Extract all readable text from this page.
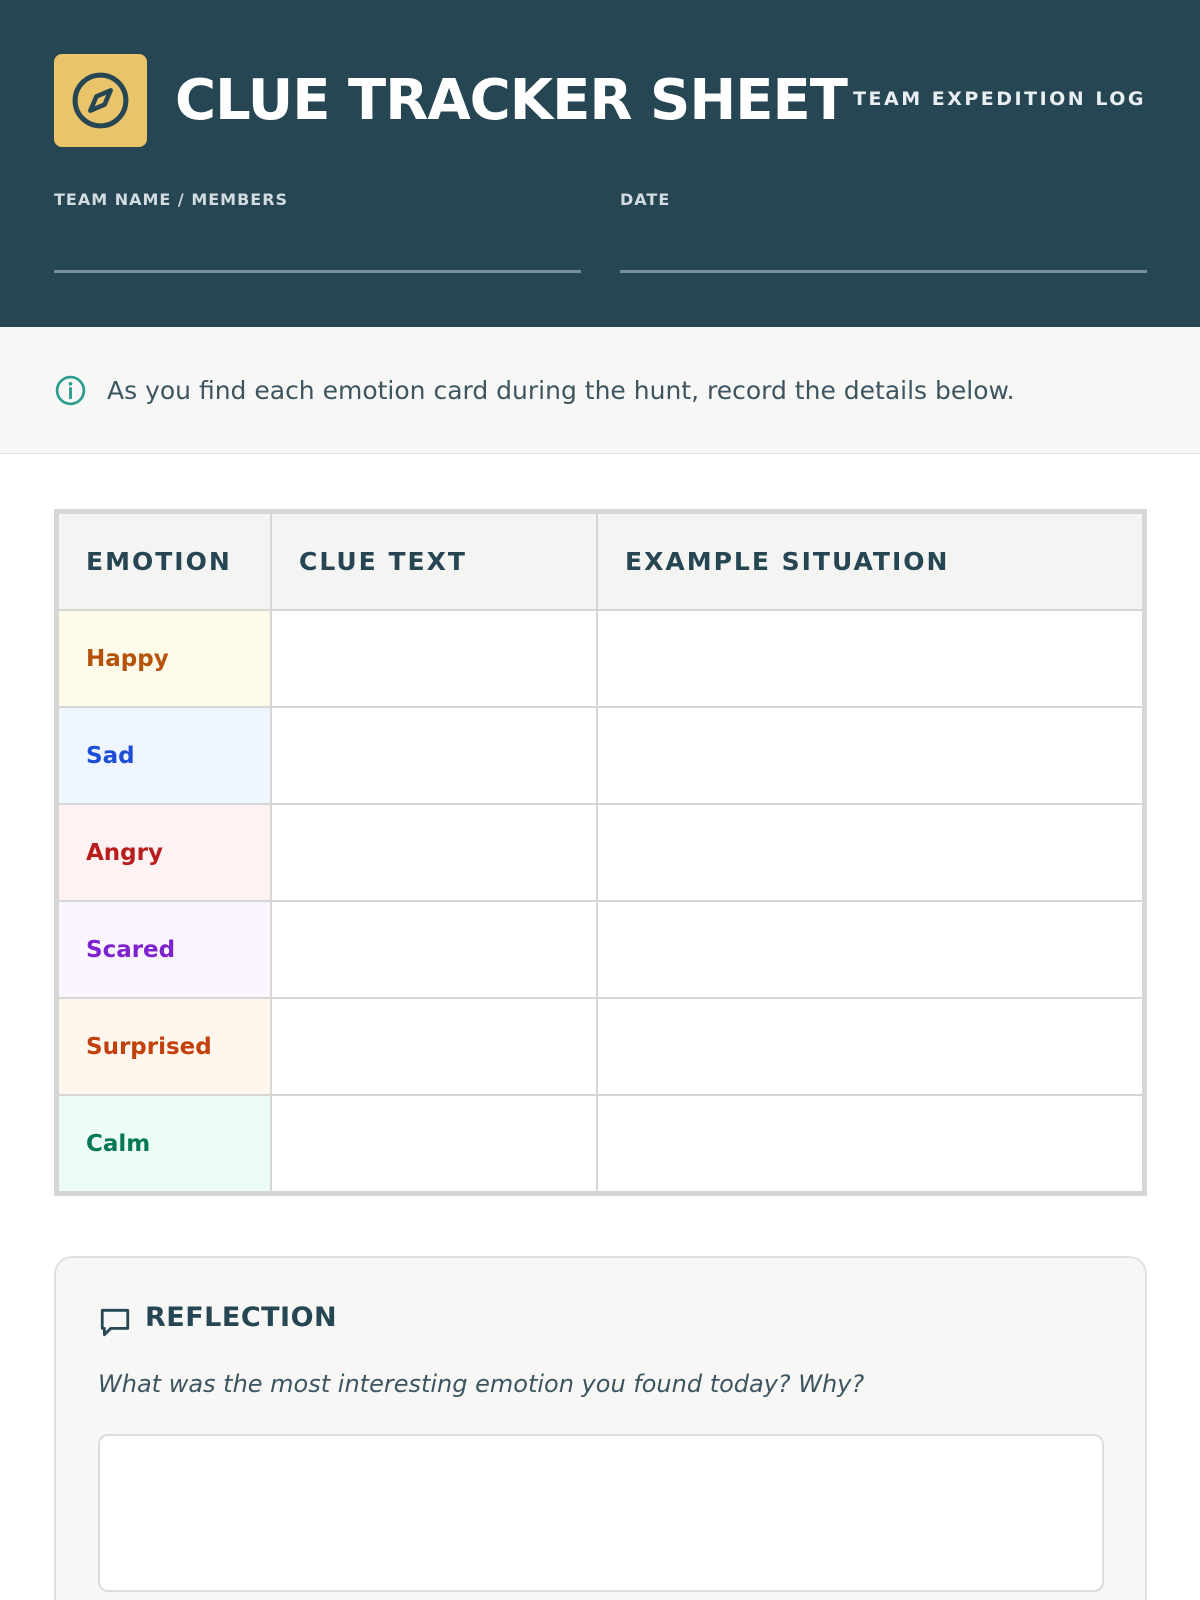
CLUE TRACKER SHEET TEAM EXPEDITION LOG
TEAM NAME / MEMBERS	DATE
As you find each emotion card during the hunt, record the details below.
EMOTION	CLUE TEXT	EXAMPLE SITUATION
Happy		
Sad		
Angry		
Scared		
Surprised		
Calm		
REFLECTION
What was the most interesting emotion you found today? Why?
